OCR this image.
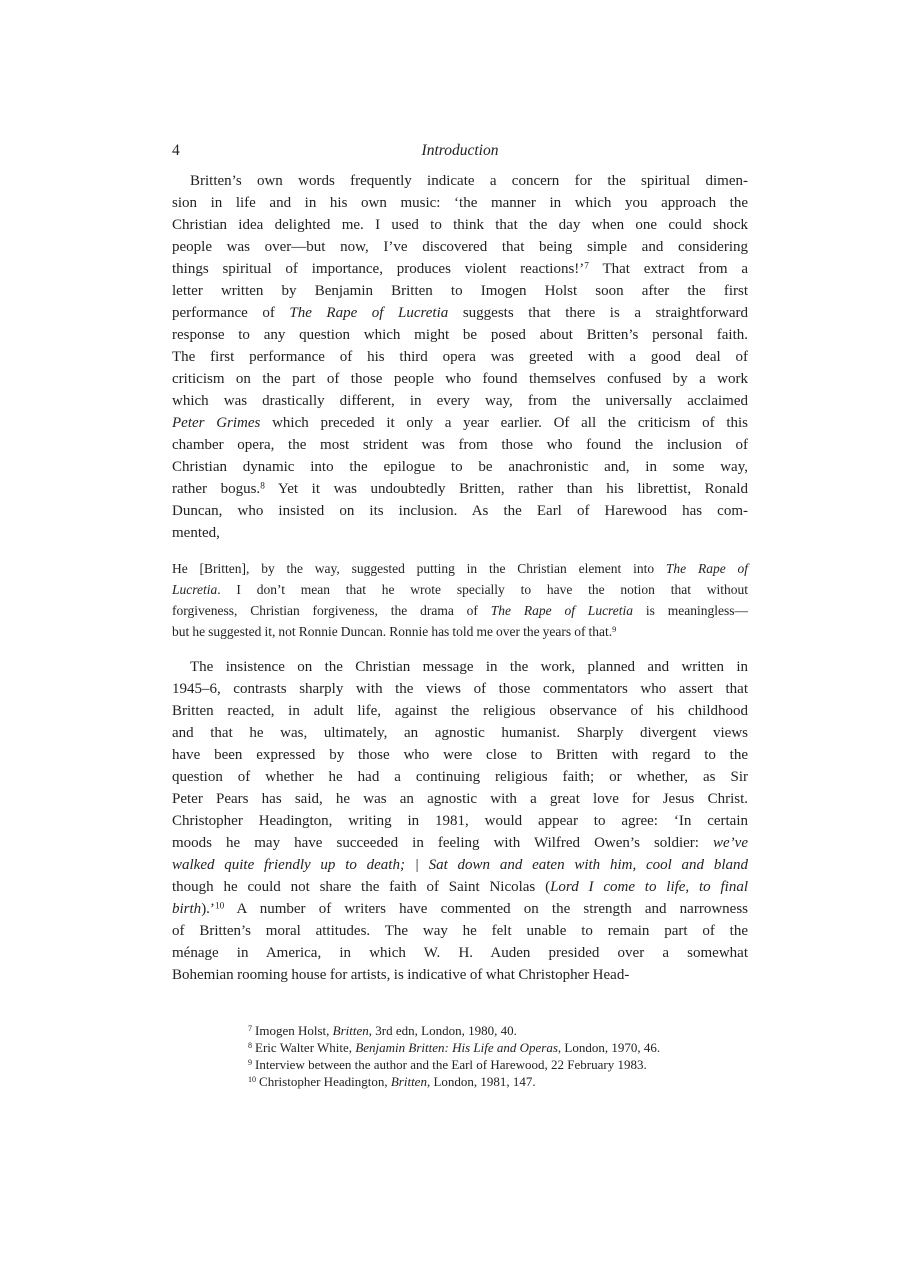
4	Introduction
Britten’s own words frequently indicate a concern for the spiritual dimen-
sion in life and in his own music: ‘the manner in which you approach the
Christian idea delighted me. I used to think that the day when one could shock
people was over—but now, I’ve discovered that being simple and considering
things spiritual of importance, produces violent reactions!’$^7$ That extract from a
letter written by Benjamin Britten to Imogen Holst soon after the first
performance of The Rape of Lucretia suggests that there is a straightforward
response to any question which might be posed about Britten’s personal faith.
The first performance of his third opera was greeted with a good deal of
criticism on the part of those people who found themselves confused by a work
which was drastically different, in every way, from the universally acclaimed
Peter Grimes which preceded it only a year earlier. Of all the criticism of this
chamber opera, the most strident was from those who found the inclusion of
Christian dynamic into the epilogue to be anachronistic and, in some way,
rather bogus.$^8$ Yet it was undoubtedly Britten, rather than his librettist, Ronald
Duncan, who insisted on its inclusion. As the Earl of Harewood has com-
mented,
He [Britten], by the way, suggested putting in the Christian element into The Rape of
Lucretia. I don’t mean that he wrote specially to have the notion that without
forgiveness, Christian forgiveness, the drama of The Rape of Lucretia is meaningless—
but he suggested it, not Ronnie Duncan. Ronnie has told me over the years of that.$^9$
The insistence on the Christian message in the work, planned and written in
1945–6, contrasts sharply with the views of those commentators who assert that
Britten reacted, in adult life, against the religious observance of his childhood
and that he was, ultimately, an agnostic humanist. Sharply divergent views
have been expressed by those who were close to Britten with regard to the
question of whether he had a continuing religious faith; or whether, as Sir
Peter Pears has said, he was an agnostic with a great love for Jesus Christ.
Christopher Headington, writing in 1981, would appear to agree: ‘In certain
moods he may have succeeded in feeling with Wilfred Owen’s soldier: we’ve
walked quite friendly up to death; | Sat down and eaten with him, cool and bland
though he could not share the faith of Saint Nicolas (Lord I come to life, to final
birth).’$^{10}$ A number of writers have commented on the strength and narrowness
of Britten’s moral attitudes. The way he felt unable to remain part of the
ménage in America, in which W. H. Auden presided over a somewhat
Bohemian rooming house for artists, is indicative of what Christopher Head-
$^7$ Imogen Holst, Britten, 3rd edn, London, 1980, 40.
$^8$ Eric Walter White, Benjamin Britten: His Life and Operas, London, 1970, 46.
$^9$ Interview between the author and the Earl of Harewood, 22 February 1983.
$^{10}$ Christopher Headington, Britten, London, 1981, 147.
